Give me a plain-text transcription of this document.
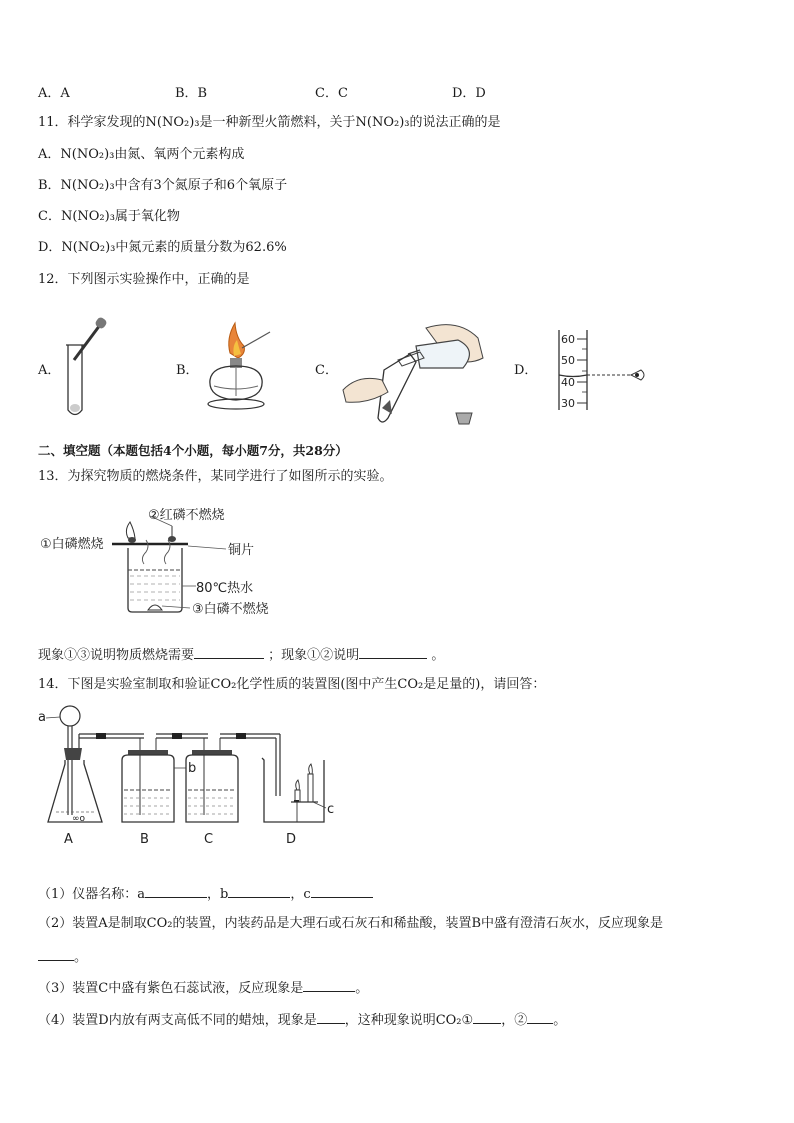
A．A	B．B	C．C	D．D
11．科学家发现的N(NO₂)₃是一种新型火箭燃料，关于N(NO₂)₃的说法正确的是
A．N(NO₂)₃由氮、氧两个元素构成
B．N(NO₂)₃中含有3个氮原子和6个氧原子
C．N(NO₂)₃属于氧化物
D．N(NO₂)₃中氮元素的质量分数为62.6%
12．下列图示实验操作中，正确的是
A．	B．	C．	D．
60
50
40
30
二、填空题（本题包括4个小题，每小题7分，共28分）
13．为探究物质的燃烧条件，某同学进行了如图所示的实验。
②红磷不燃烧
①白磷燃烧	铜片
80℃热水
③白磷不燃烧
现象①③说明物质燃烧需要	；现象①②说明	。
14．下图是实验室制取和验证CO₂化学性质的装置图(图中产生CO₂是足量的)，请回答：
a
∞o
A
b
B	C
c
D
（1）仪器名称：a	，b	，c
（2）装置A是制取CO₂的装置，内装药品是大理石或石灰石和稀盐酸，装置B中盛有澄清石灰水，反应现象是
。
（3）装置C中盛有紫色石蕊试液，反应现象是	。
（4）装置D内放有两支高低不同的蜡烛，现象是 ，这种现象说明CO₂① ，② 。
